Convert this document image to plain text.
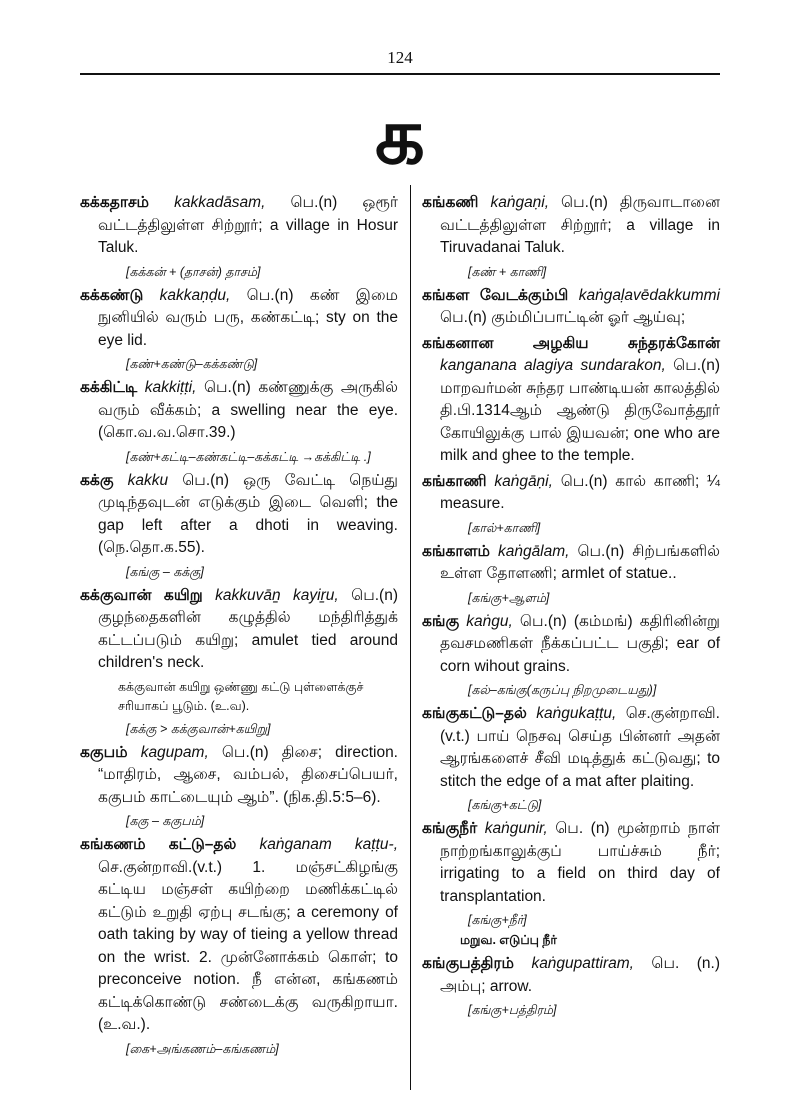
124
க
கக்கதாசம் kakkadāsam, பெ.(n) ஒரூர் வட்டத்திலுள்ள சிற்றூர்; a village in Hosur Taluk.
[கக்கன் + (தாசன்) தாசம்]
கக்கண்டு kakkaṇḍu, பெ.(n) கண் இமை நுனியில் வரும் பரு, கண்கட்டி; sty on the eye lid.
[கண்+கண்டு–கக்கண்டு]
கக்கிட்டி kakkiṭṭi, பெ.(n) கண்ணுக்கு அருகில் வரும் வீக்கம்; a swelling near the eye. (கொ.வ.வ.சொ.39.)
[கண்+கட்டி–கண்கட்டி–கக்கட்டி →கக்கிட்டி .]
கக்கு kakku பெ.(n) ஒரு வேட்டி நெய்து முடிந்தவுடன் எடுக்கும் இடை வெளி; the gap left after a dhoti in weaving. (நெ.தொ.க.55).
[கங்கு – கக்கு]
கக்குவான் கயிறு kakkuvāṉ kayiṟu, பெ.(n) குழந்தைகளின் கழுத்தில் மந்திரித்துக் கட்டப்படும் கயிறு; amulet tied around children's neck.
கக்குவான் கயிறு ஒண்ணு கட்டு புள்ளைக்குச் சரியாகப் பூடும். (உ.வ).
[கக்கு > கக்குவான்+கயிறு]
ககுபம் kagupam, பெ.(n) திசை; direction. “மாதிரம், ஆசை, வம்பல், திசைப்பெயர், ககுபம் காட்டையும் ஆம்”. (நிக.தி.5:5–6).
[ககு – ககுபம்]
கங்கணம் கட்டு–தல் kaṅganam kaṭṭu-, செ.குன்றாவி.(v.t.) 1. மஞ்சட்கிழங்கு கட்டிய மஞ்சள் கயிற்றை மணிக்கட்டில் கட்டும் உறுதி ஏற்பு சடங்கு; a ceremony of oath taking by way of tieing a yellow thread on the wrist. 2. முன்னோக்கம் கொள்; to preconceive notion. நீ என்ன, கங்கணம் கட்டிக்கொண்டு சண்டைக்கு வருகிறாயா. (உ.வ.).
[கை+அங்கணம்–கங்கணம்]
கங்கணி kaṅgaṇi, பெ.(n) திருவாடானை வட்டத்திலுள்ள சிற்றூர்; a village in Tiruvadanai Taluk.
[கண் + காணி]
கங்கள வேடக்கும்பி kaṅgaḷavēdakkummi பெ.(n) கும்மிப்பாட்டின் ஓர் ஆய்வு;
கங்கனான அழகிய சுந்தரக்கோன் kangananа alagiya sundarakon, பெ.(n) மாறவர்மன் சுந்தர பாண்டியன் காலத்தில் தி.பி.1314ஆம் ஆண்டு திருவோத்தூர் கோயிலுக்கு பால் இயவன்; one who are milk and ghee to the temple.
கங்காணி kaṅgāṇi, பெ.(n) கால் காணி; ¼ measure.
[கால்+காணி]
கங்காளம் kaṅgālam, பெ.(n) சிற்பங்களில் உள்ள தோளணி; armlet of statue..
[கங்கு+ஆளம்]
கங்கு kaṅgu, பெ.(n) (கம்மங்) கதிரினின்று தவசமணிகள் நீக்கப்பட்ட பகுதி; ear of corn wihout grains.
[கல்–கங்கு(கருப்பு நிறமுடையது)]
கங்குகட்டு–தல் kaṅgukaṭṭu, செ.குன்றாவி. (v.t.) பாய் நெசவு செய்த பின்னர் அதன் ஆரங்களைச் சீவி மடித்துக் கட்டுவது; to stitch the edge of a mat after plaiting.
[கங்கு+கட்டு]
கங்குநீர் kaṅgunir, பெ. (n) மூன்றாம் நாள் நாற்றங்காலுக்குப் பாய்ச்சும் நீர்; irrigating to a field on third day of transplantation.
[கங்கு+நீர்]
மறுவ. எடுப்பு நீர்
கங்குபத்திரம் kaṅgupattiram, பெ. (n.) அம்பு; arrow.
[கங்கு+பத்திரம்]
